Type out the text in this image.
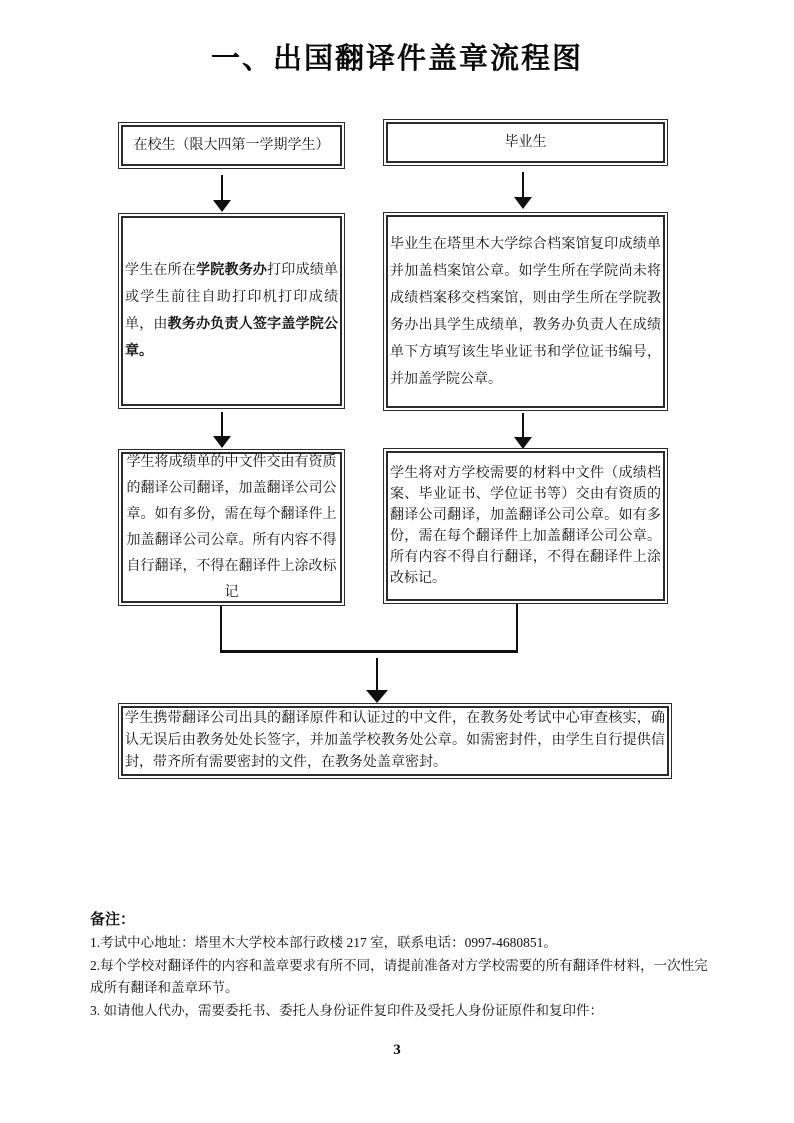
一、出国翻译件盖章流程图
在校生（限大四第一学期学生）	毕业生
学生在所在学院教务办打印成绩单或学生前往自助打印机打印成绩单，由教务办负责人签字盖学院公章。
毕业生在塔里木大学综合档案馆复印成绩单并加盖档案馆公章。如学生所在学院尚未将成绩档案移交档案馆，则由学生所在学院教务办出具学生成绩单，教务办负责人在成绩单下方填写该生毕业证书和学位证书编号，并加盖学院公章。
学生将成绩单的中文件交由有资质的翻译公司翻译，加盖翻译公司公章。如有多份，需在每个翻译件上加盖翻译公司公章。所有内容不得自行翻译，不得在翻译件上涂改标记
学生将对方学校需要的材料中文件（成绩档案、毕业证书、学位证书等）交由有资质的翻译公司翻译，加盖翻译公司公章。如有多份，需在每个翻译件上加盖翻译公司公章。所有内容不得自行翻译，不得在翻译件上涂改标记。
学生携带翻译公司出具的翻译原件和认证过的中文件，在教务处考试中心审查核实，确认无误后由教务处处长签字，并加盖学校教务处公章。如需密封件，由学生自行提供信封，带齐所有需要密封的文件，在教务处盖章密封。

备注：

1.考试中心地址：塔里木大学校本部行政楼 217 室，联系电话：0997-4680851。

2.每个学校对翻译件的内容和盖章要求有所不同，请提前准备对方学校需要的所有翻译件材料，一次性完成所有翻译和盖章环节。

3. 如请他人代办，需要委托书、委托人身份证件复印件及受托人身份证原件和复印件：

3
